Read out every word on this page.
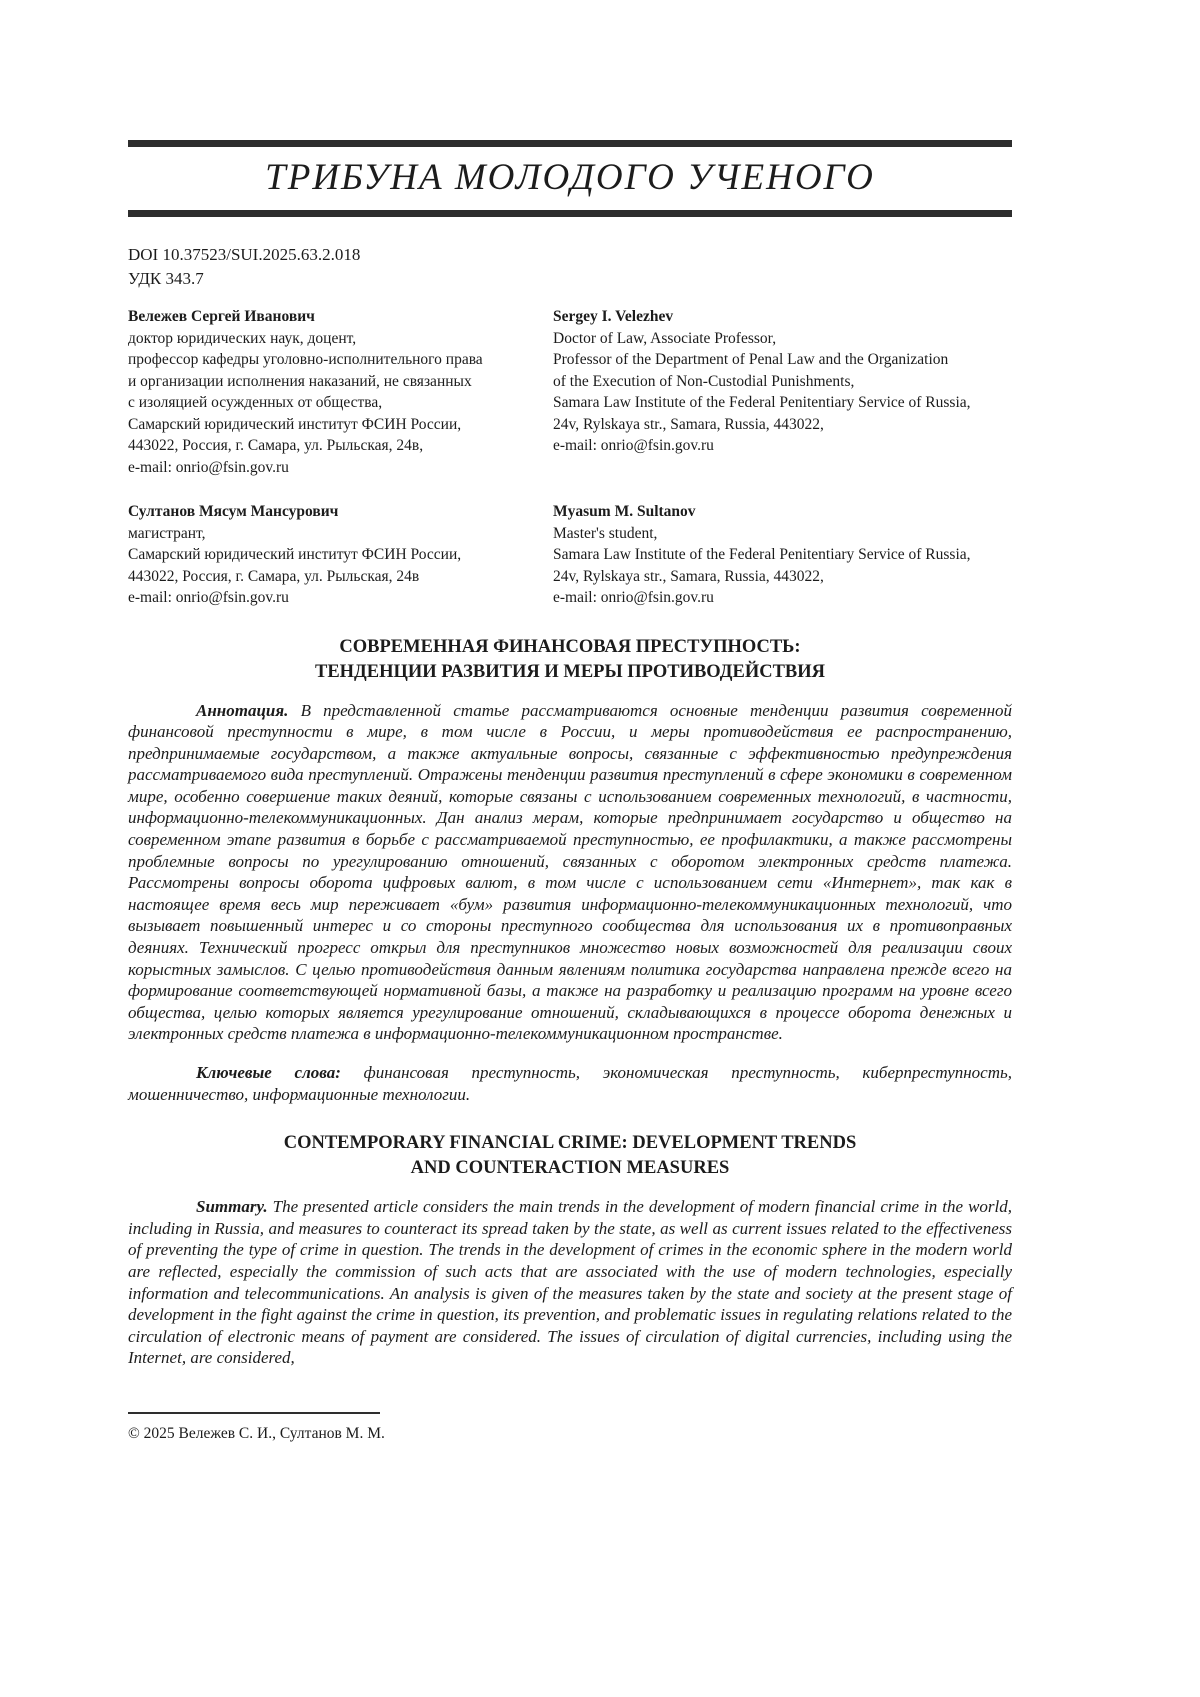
ТРИБУНА МОЛОДОГО УЧЕНОГО
DOI 10.37523/SUI.2025.63.2.018
УДК 343.7
Вележев Сергей Иванович
доктор юридических наук, доцент,
профессор кафедры уголовно-исполнительного права
и организации исполнения наказаний, не связанных
с изоляцией осужденных от общества,
Самарский юридический институт ФСИН России,
443022, Россия, г. Самара, ул. Рыльская, 24в,
e-mail: onrio@fsin.gov.ru
Sergey I. Velezhev
Doctor of Law, Associate Professor,
Professor of the Department of Penal Law and the Organization
of the Execution of Non-Custodial Punishments,
Samara Law Institute of the Federal Penitentiary Service of Russia,
24v, Rylskaya str., Samara, Russia, 443022,
e-mail: onrio@fsin.gov.ru
Султанов Мясум Мансурович
магистрант,
Самарский юридический институт ФСИН России,
443022, Россия, г. Самара, ул. Рыльская, 24в
e-mail: onrio@fsin.gov.ru
Myasum M. Sultanov
Master's student,
Samara Law Institute of the Federal Penitentiary Service of Russia,
24v, Rylskaya str., Samara, Russia, 443022,
e-mail: onrio@fsin.gov.ru
СОВРЕМЕННАЯ ФИНАНСОВАЯ ПРЕСТУПНОСТЬ:
ТЕНДЕНЦИИ РАЗВИТИЯ И МЕРЫ ПРОТИВОДЕЙСТВИЯ

Аннотация. В представленной статье рассматриваются основные тенденции развития современной финансовой преступности в мире, в том числе в России, и меры противодействия ее распространению, предпринимаемые государством, а также актуальные вопросы, связанные с эффективностью предупреждения рассматриваемого вида преступлений. Отражены тенденции развития преступлений в сфере экономики в современном мире, особенно совершение таких деяний, которые связаны с использованием современных технологий, в частности, информационно-телекоммуникационных. Дан анализ мерам, которые предпринимает государство и общество на современном этапе развития в борьбе с рассматриваемой преступностью, ее профилактики, а также рассмотрены проблемные вопросы по урегулированию отношений, связанных с оборотом электронных средств платежа. Рассмотрены вопросы оборота цифровых валют, в том числе с использованием сети «Интернет», так как в настоящее время весь мир переживает «бум» развития информационно-телекоммуникационных технологий, что вызывает повышенный интерес и со стороны преступного сообщества для использования их в противоправных деяниях. Технический прогресс открыл для преступников множество новых возможностей для реализации своих корыстных замыслов. С целью противодействия данным явлениям политика государства направлена прежде всего на формирование соответствующей нормативной базы, а также на разработку и реализацию программ на уровне всего общества, целью которых является урегулирование отношений, складывающихся в процессе оборота денежных и электронных средств платежа в информационно-телекоммуникационном пространстве.

Ключевые слова: финансовая преступность, экономическая преступность, киберпреступность, мошенничество, информационные технологии.

CONTEMPORARY FINANCIAL CRIME: DEVELOPMENT TRENDS
AND COUNTERACTION MEASURES

Summary. The presented article considers the main trends in the development of modern financial crime in the world, including in Russia, and measures to counteract its spread taken by the state, as well as current issues related to the effectiveness of preventing the type of crime in question. The trends in the development of crimes in the economic sphere in the modern world are reflected, especially the commission of such acts that are associated with the use of modern technologies, especially information and telecommunications. An analysis is given of the measures taken by the state and society at the present stage of development in the fight against the crime in question, its prevention, and problematic issues in regulating relations related to the circulation of electronic means of payment are considered. The issues of circulation of digital currencies, including using the Internet, are considered,

© 2025 Вележев С. И., Султанов М. М.
